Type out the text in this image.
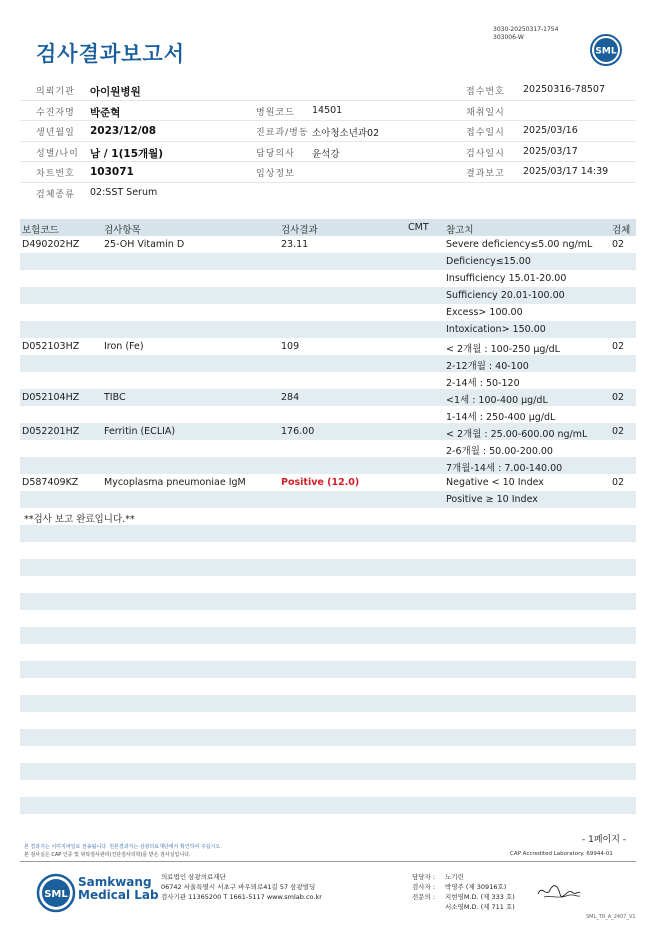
검사결과보고서
3030-20250317-1754
303006-W
SML
의뢰기관 아이원병원	접수번호 20250316-78507
수진자명 박준혁	병원코드 14501	채취일시
생년월일 2023/12/08	진료과/병동 소아청소년과02	접수일시 2025/03/16
성별/나이 남 / 1(15개월)	담당의사 윤석강	검사일시 2025/03/17
차트번호 103071	임상정보	결과보고 2025/03/17 14:39
검체종류 02:SST Serum
보험코드	검사항목	검사결과	CMT 참고치	검체
D490202HZ	25-OH Vitamin D	23.11	Severe deficiency≤5.00 ng/mL 02
Deficiency≤15.00
Insufficiency 15.01-20.00
Sufficiency 20.01-100.00
Excess> 100.00
Intoxication> 150.00
D052103HZ	Iron (Fe)	109	< 2개월 : 100-250 μg/dL	02
2-12개월 : 40-100
2-14세 : 50-120
D052104HZ	TIBC	284	<1세 : 100-400 μg/dL	02
1-14세 : 250-400 μg/dL
D052201HZ	Ferritin (ECLIA)	176.00	< 2개월 : 25.00-600.00 ng/mL	02
2-6개월 : 50.00-200.00
7개월-14세 : 7.00-140.00
D587409KZ	Mycoplasma pneumoniae IgM	Positive (12.0)	Negative < 10 Index	02
Positive ≥ 10 Index
**검사 보고 완료입니다.**
- 1페이지 -
본 결과지는 이미지파일로 전송됩니다. 원본결과지는 삼광의료재단에서 확인하여 주십시오.
본 검사실은 CAP 인증 및 위탁검사관리(진단검사의학)를 받은 검사실입니다.	CAP Accredited Laboratory. 69944-01
SML
Samkwang
Medical Lab
의료법인 삼광의료재단
06742 서울특별시 서초구 바우뫼로41길 57 삼광빌딩
검사기관 11365200 T 1661-5117 www.smlab.co.kr
담당자 : 노기린
검사자 : 박영주 (제 30916호)
전문의 : 지현영M.D. (제 333 호)
서소영M.D. (제 711 호)
SML_TR_A_2407_V1
